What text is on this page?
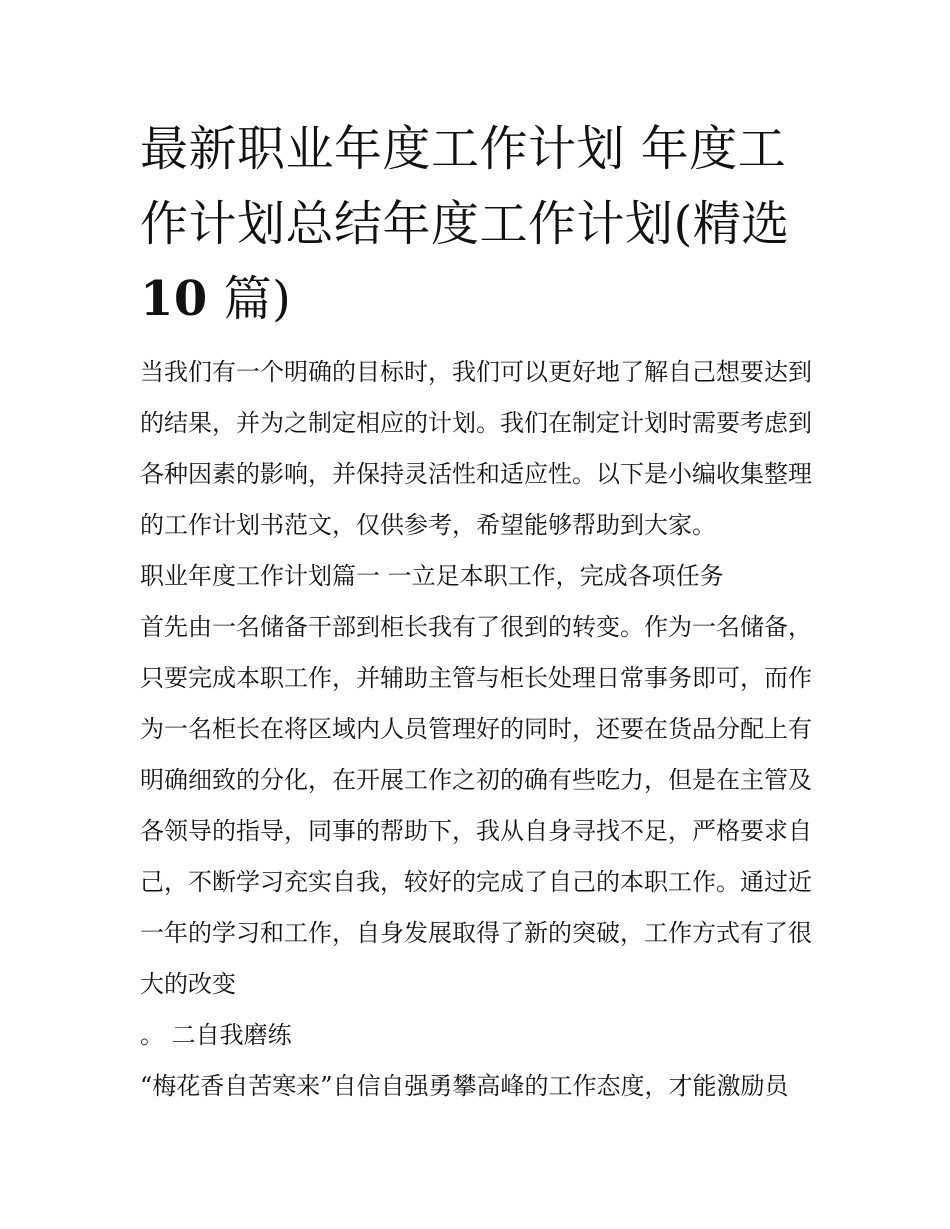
最新职业年度工作计划 年度工作计划总结年度工作计划(精选
10 篇)

当我们有一个明确的目标时，我们可以更好地了解自己想要达到的结果，并为之制定相应的计划。我们在制定计划时需要考虑到各种因素的影响，并保持灵活性和适应性。以下是小编收集整理的工作计划书范文，仅供参考，希望能够帮助到大家。

职业年度工作计划篇一 一立足本职工作，完成各项任务

首先由一名储备干部到柜长我有了很到的转变。作为一名储备，只要完成本职工作，并辅助主管与柜长处理日常事务即可，而作为一名柜长在将区域内人员管理好的同时，还要在货品分配上有明确细致的分化，在开展工作之初的确有些吃力，但是在主管及各领导的指导，同事的帮助下，我从自身寻找不足，严格要求自己，不断学习充实自我，较好的完成了自己的本职工作。通过近一年的学习和工作，自身发展取得了新的突破，工作方式有了很大的改变

。 二自我磨练

“梅花香自苦寒来”自信自强勇攀高峰的工作态度，才能激励员
